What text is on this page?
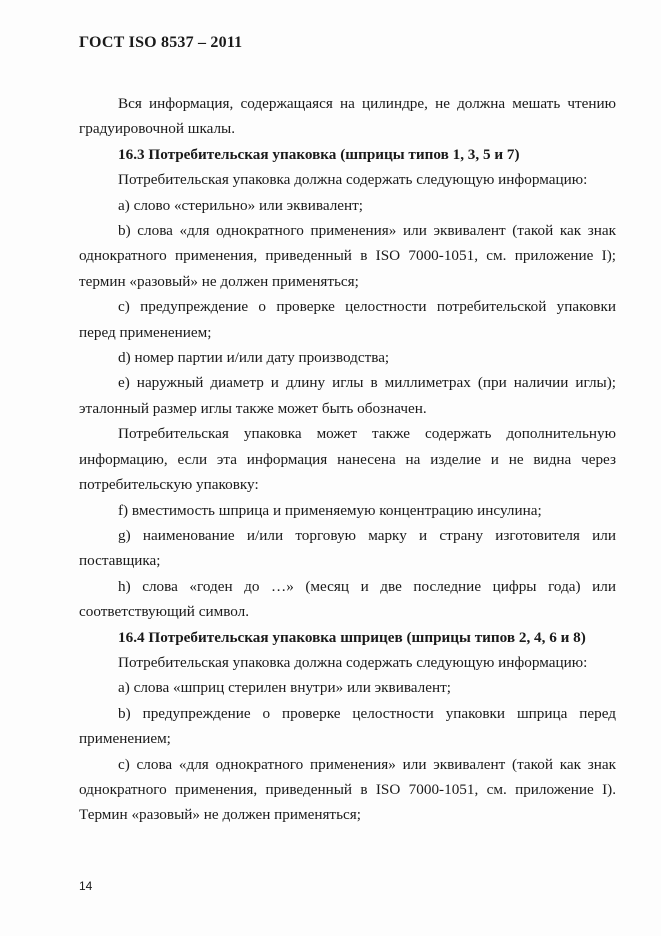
ГОСТ ISO 8537 – 2011

Вся информация, содержащаяся на цилиндре, не должна мешать чтению градуировочной шкалы.

16.3 Потребительская упаковка (шприцы типов 1, 3, 5 и 7)

Потребительская упаковка должна содержать следующую информацию:

а) слово «стерильно» или эквивалент;

b) слова «для однократного применения» или эквивалент (такой как знак однократного применения, приведенный в ISO 7000-1051, см. приложение I); термин «разовый» не должен применяться;

с) предупреждение о проверке целостности потребительской упаковки перед применением;

d) номер партии и/или дату производства;

е) наружный диаметр и длину иглы в миллиметрах (при наличии иглы); эталонный размер иглы также может быть обозначен.

Потребительская упаковка может также содержать дополнительную информацию, если эта информация нанесена на изделие и не видна через потребительскую упаковку:

f) вместимость шприца и применяемую концентрацию инсулина;

g) наименование и/или торговую марку и страну изготовителя или поставщика;

h) слова «годен до …» (месяц и две последние цифры года) или соответствующий символ.

16.4 Потребительская упаковка шприцев (шприцы типов 2, 4, 6 и 8)

Потребительская упаковка должна содержать следующую информацию:

а) слова «шприц стерилен внутри» или эквивалент;

b) предупреждение о проверке целостности упаковки шприца перед применением;

с) слова «для однократного применения» или эквивалент (такой как знак однократного применения, приведенный в ISO 7000-1051, см. приложение I). Термин «разовый» не должен применяться;

14
